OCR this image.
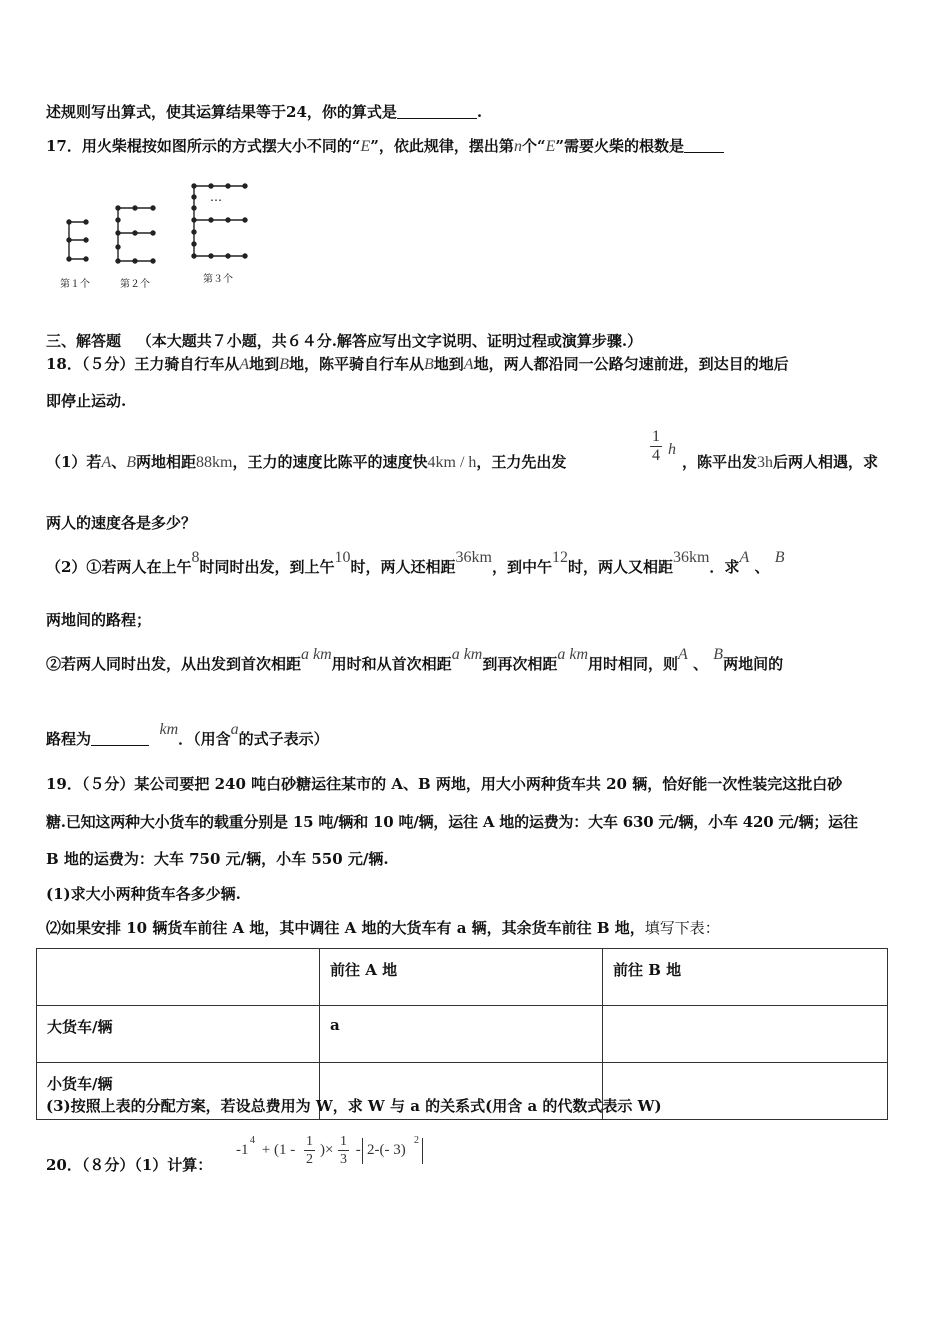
述规则写出算式，使其运算结果等于24，你的算式是	.
17．用火柴棍按如图所示的方式摆大小不同的“E”，依此规律，摆出第n个“E”需要火柴的根数是
…
第１个	第２个	第３个
三、解答题 （本大题共７小题，共６４分.解答应写出文字说明、证明过程或演算步骤.）
18．（５分）王力骑自行车从A地到B地，陈平骑自行车从B地到A地，两人都沿同一公路匀速前进，到达目的地后
即停止运动.
（1）若A、B两地相距88km，王力的速度比陈平的速度快4km / h，王力先出发	$\frac{1}{4}$ h
，陈平出发3h后两人相遇，求
两人的速度各是多少？
（2）①若两人在上午8时同时出发，到上午10时，两人还相距36km，到中午12时，两人又相距36km．求A 、 B
两地间的路程；
②若两人同时出发，从出发到首次相距a km用时和从首次相距a km到再次相距a km用时相同，则A 、 B两地间的
路程为  km．（用含a的式子表示）
19．（５分）某公司要把 240 吨白砂糖运往某市的 A、B 两地，用大小两种货车共 20 辆，恰好能一次性装完这批白砂
糖.已知这两种大小货车的载重分别是 15 吨/辆和 10 吨/辆，运往 A 地的运费为：大车 630 元/辆，小车 420 元/辆；运往
B 地的运费为：大车 750 元/辆，小车 550 元/辆.
(1)求大小两种货车各多少辆.
⑵如果安排 10 辆货车前往 A 地，其中调往 A 地的大货车有 a 辆，其余货车前往 B 地，填写下表：
	前往 A 地	前往 B 地
大货车/辆	a	
小货车/辆		
(3)按照上表的分配方案，若设总费用为 W，求 W 与 a 的关系式(用含 a 的代数式表示 W)
20．（８分）（1）计算：
-1
4
+ ($1 - \frac{1}{2}$ )× $\frac{1}{3} - 2-(-$ 3)
2
